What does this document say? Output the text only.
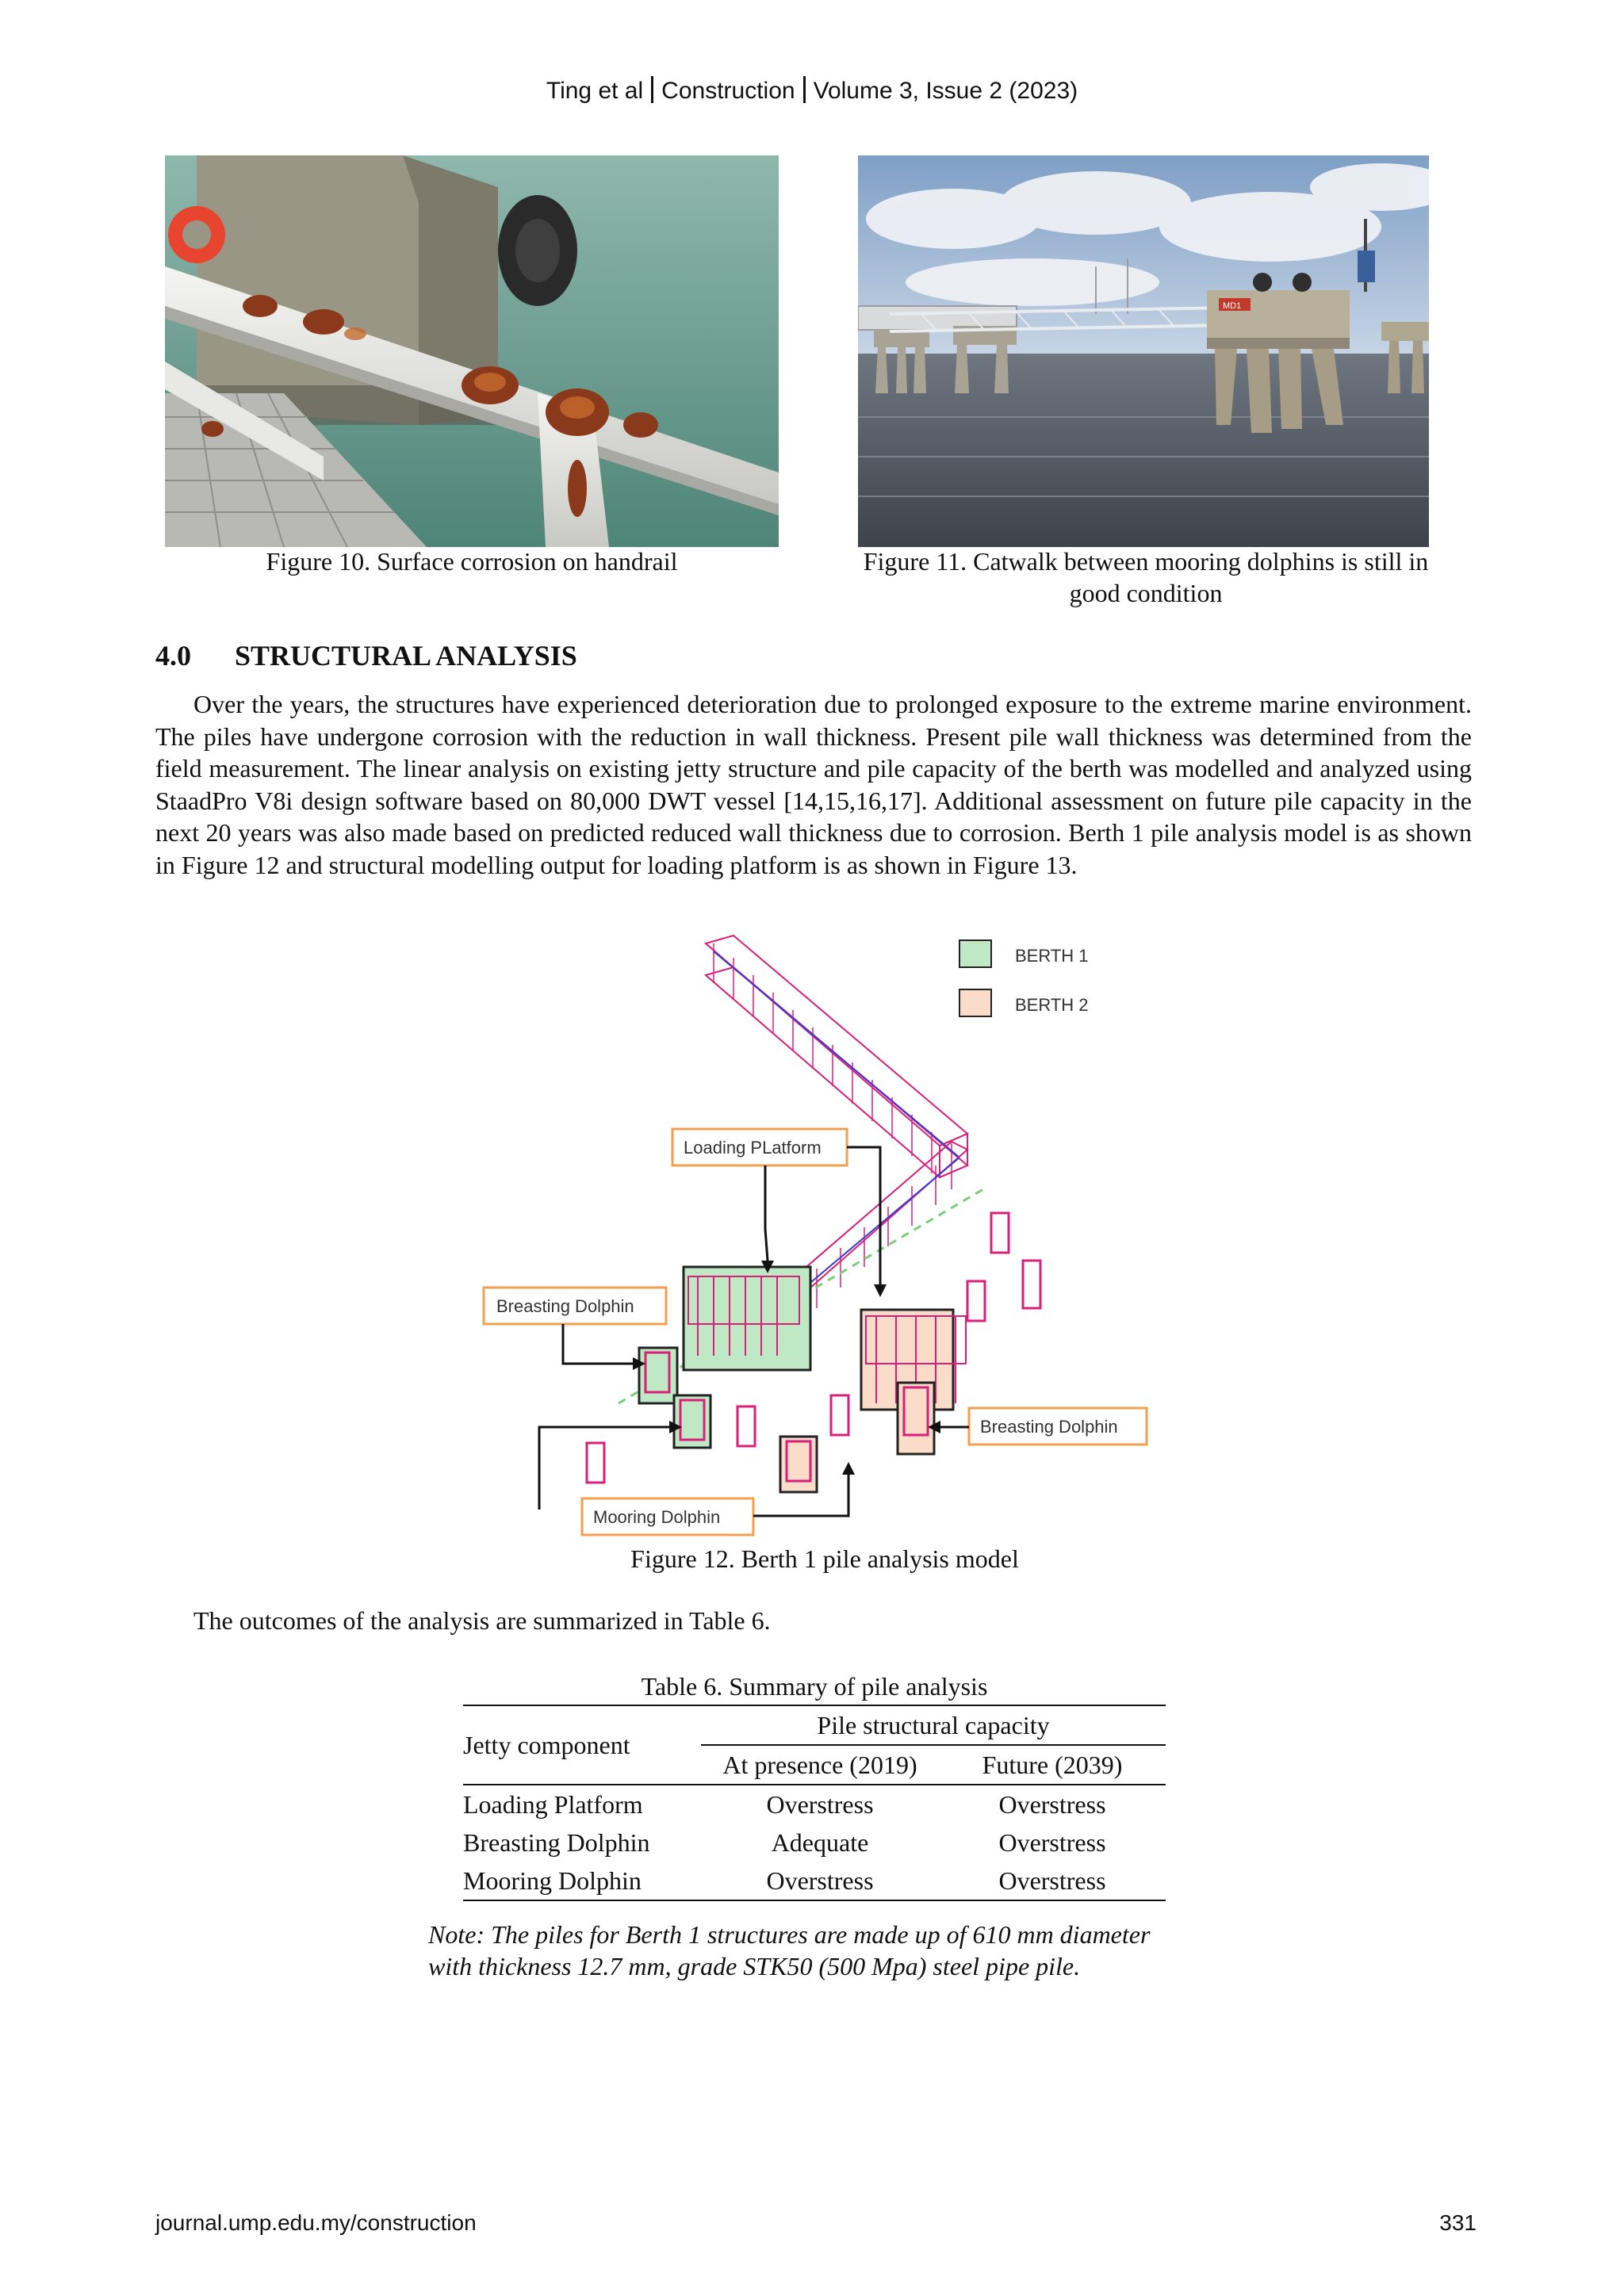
Ting et al Construction Volume 3, Issue 2 (2023)
MD1
Figure 10. Surface corrosion on handrail	Figure 11. Catwalk between mooring dolphins is still in
good condition
4.0 STRUCTURAL ANALYSIS
Over the years, the structures have experienced deterioration due to prolonged exposure to the extreme marine environment. The piles have undergone corrosion with the reduction in wall thickness. Present pile wall thickness was determined from the field measurement. The linear analysis on existing jetty structure and pile capacity of the berth was modelled and analyzed using StaadPro V8i design software based on 80,000 DWT vessel [14,15,16,17]. Additional assessment on future pile capacity in the next 20 years was also made based on predicted reduced wall thickness due to corrosion. Berth 1 pile analysis model is as shown in Figure 12 and structural modelling output for loading platform is as shown in Figure 13.
BERTH 1
BERTH 2
Loading PLatform
Breasting Dolphin
Breasting Dolphin
Mooring Dolphin
Figure 12. Berth 1 pile analysis model
The outcomes of the analysis are summarized in Table 6.
Table 6. Summary of pile analysis
Jetty component	Pile structural capacity	
	At presence (2019)	Future (2039)
Loading Platform	Overstress	Overstress
Breasting Dolphin	Adequate	Overstress
Mooring Dolphin	Overstress	Overstress
Note: The piles for Berth 1 structures are made up of 610 mm diameter
with thickness 12.7 mm, grade STK50 (500 Mpa) steel pipe pile.
journal.ump.edu.my/construction	331
